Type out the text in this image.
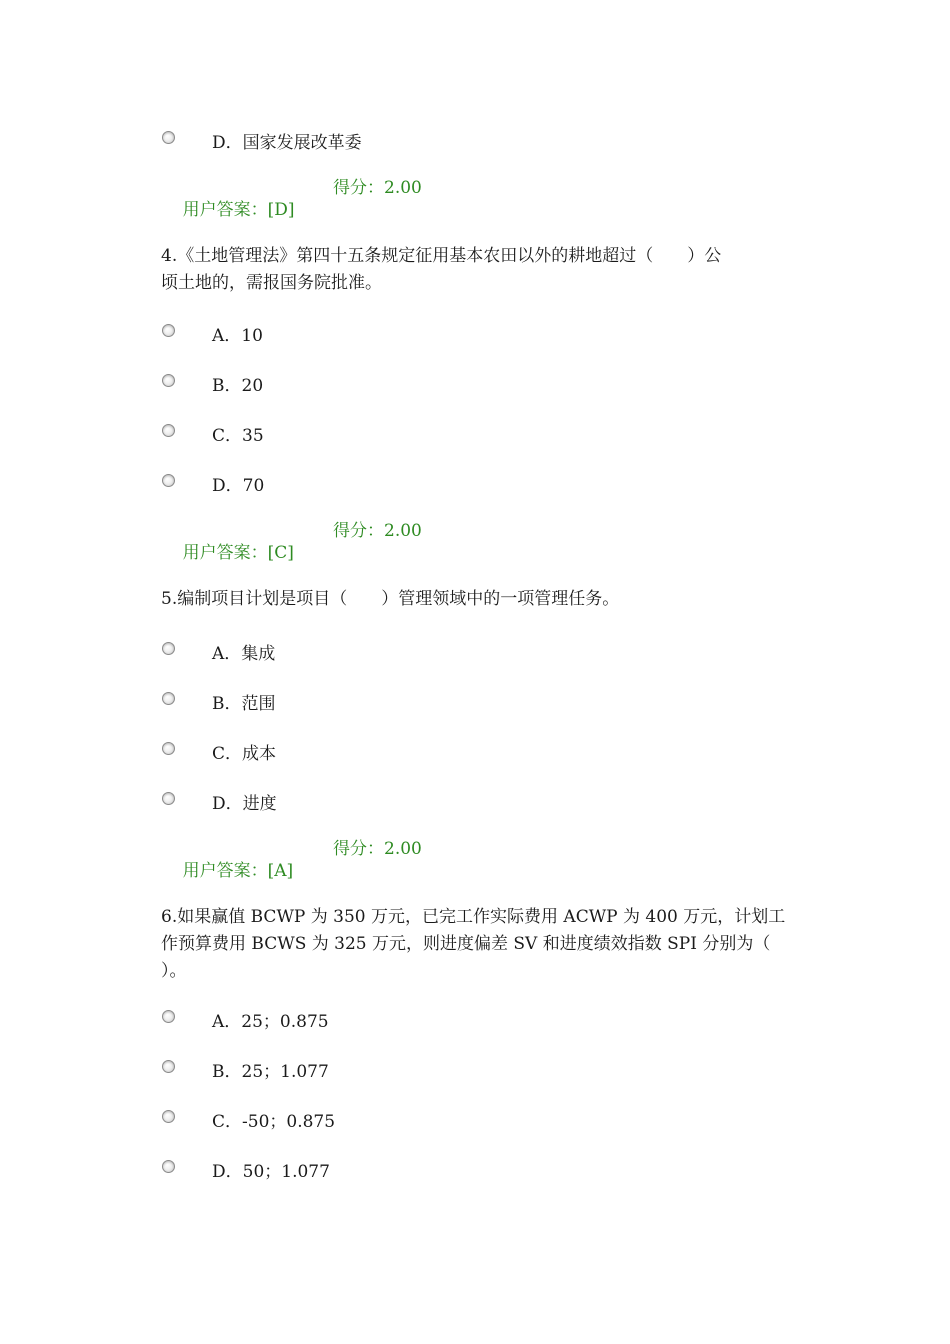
D．国家发展改革委

用户答案：[D]

得分：2.00

4.《土地管理法》第四十五条规定征用基本农田以外的耕地超过（　　）公
顷土地的，需报国务院批准。
A．10
B．20
C．35
D．70

用户答案：[C]

得分：2.00

5.编制项目计划是项目（　　）管理领域中的一项管理任务。
A．集成
B．范围
C．成本
D．进度

用户答案：[A]

得分：2.00

6.如果赢值 BCWP 为 350 万元，已完工作实际费用 ACWP 为 400 万元，计划工
作预算费用 BCWS 为 325 万元，则进度偏差 SV 和进度绩效指数 SPI 分别为（
）。
A．25；0.875
B．25；1.077
C．-50；0.875
D．50；1.077
